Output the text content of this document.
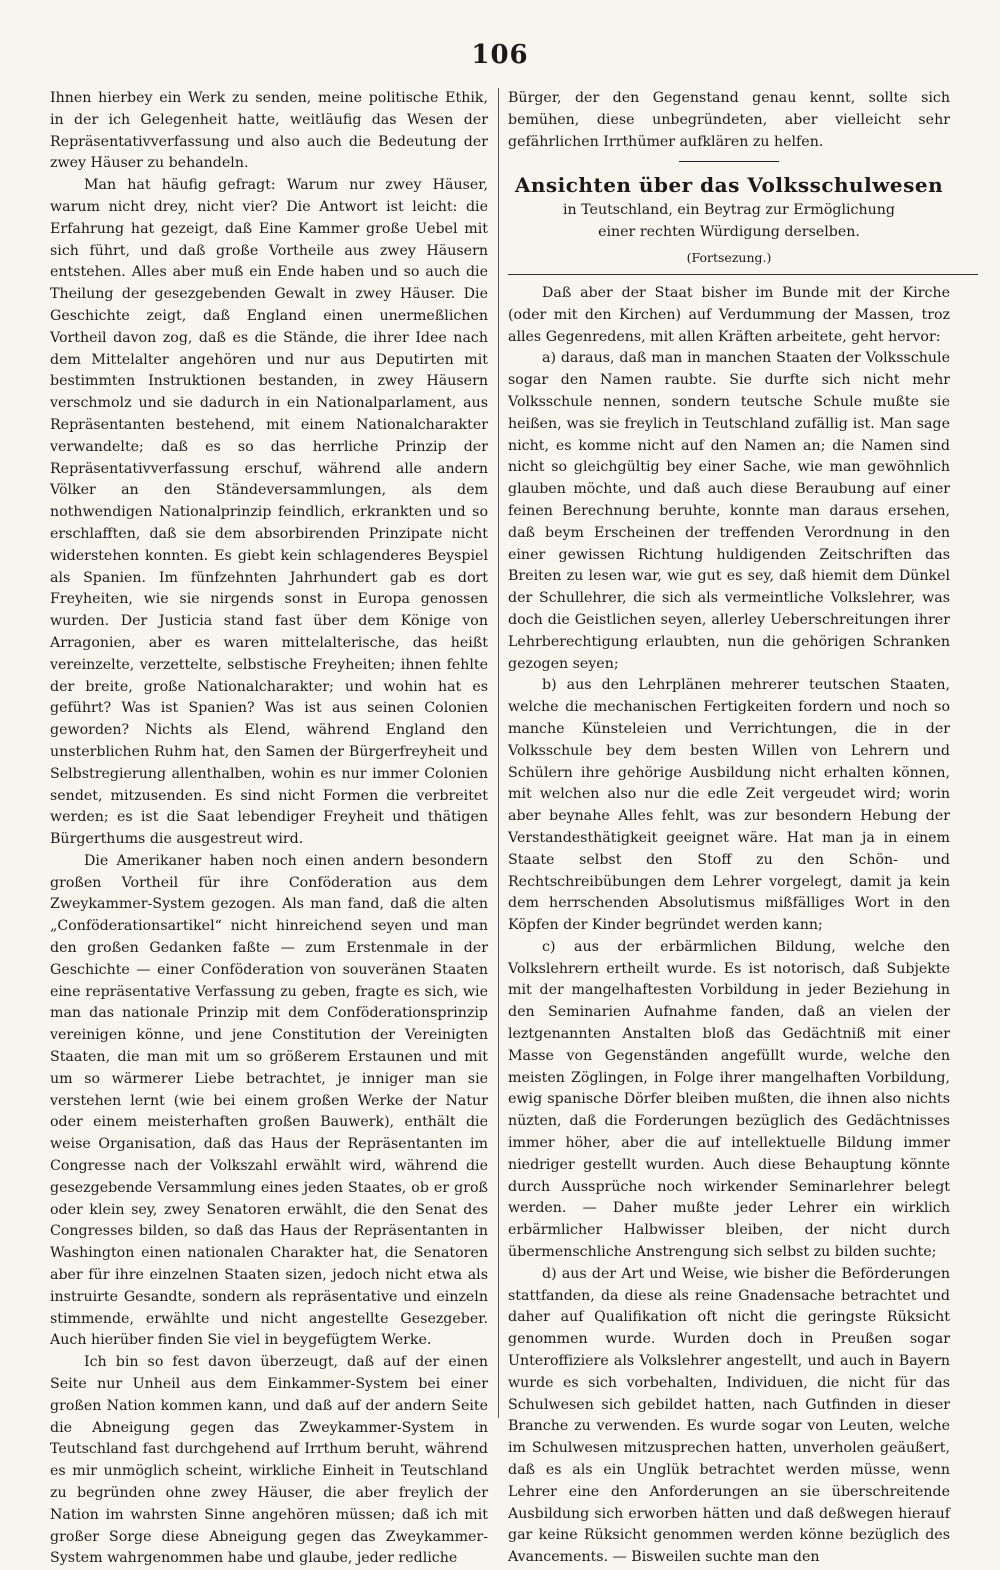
106

Ihnen hierbey ein Werk zu senden, meine politische Ethik, in der ich Gelegenheit hatte, weitläufig das Wesen der Repräsentativverfassung und also auch die Bedeutung der zwey Häuser zu behandeln.

Man hat häufig gefragt: Warum nur zwey Häuser, warum nicht drey, nicht vier? Die Antwort ist leicht: die Erfahrung hat gezeigt, daß Eine Kammer große Uebel mit sich führt, und daß große Vortheile aus zwey Häusern entstehen. Alles aber muß ein Ende haben und so auch die Theilung der gesezgebenden Gewalt in zwey Häuser. Die Geschichte zeigt, daß England einen unermeßlichen Vortheil davon zog, daß es die Stände, die ihrer Idee nach dem Mittelalter angehören und nur aus Deputirten mit bestimmten Instruktionen bestanden, in zwey Häusern verschmolz und sie dadurch in ein Nationalparlament, aus Repräsentanten bestehend, mit einem Nationalcharakter verwandelte; daß es so das herrliche Prinzip der Repräsentativverfassung erschuf, während alle andern Völker an den Ständeversammlungen, als dem nothwendigen Nationalprinzip feindlich, erkrankten und so erschlafften, daß sie dem absorbirenden Prinzipate nicht widerstehen konnten. Es giebt kein schlagenderes Beyspiel als Spanien. Im fünfzehnten Jahrhundert gab es dort Freyheiten, wie sie nirgends sonst in Europa genossen wurden. Der Justicia stand fast über dem Könige von Arragonien, aber es waren mittelalterische, das heißt vereinzelte, verzettelte, selbstische Freyheiten; ihnen fehlte der breite, große Nationalcharakter; und wohin hat es geführt? Was ist Spanien? Was ist aus seinen Colonien geworden? Nichts als Elend, während England den unsterblichen Ruhm hat, den Samen der Bürgerfreyheit und Selbstregierung allenthalben, wohin es nur immer Colonien sendet, mitzusenden. Es sind nicht Formen die verbreitet werden; es ist die Saat lebendiger Freyheit und thätigen Bürgerthums die ausgestreut wird.

Die Amerikaner haben noch einen andern besondern großen Vortheil für ihre Conföderation aus dem Zweykammer-System gezogen. Als man fand, daß die alten „Conföderationsartikel“ nicht hinreichend seyen und man den großen Gedanken faßte — zum Erstenmale in der Geschichte — einer Conföderation von souveränen Staaten eine repräsentative Verfassung zu geben, fragte es sich, wie man das nationale Prinzip mit dem Conföderationsprinzip vereinigen könne, und jene Constitution der Vereinigten Staaten, die man mit um so größerem Erstaunen und mit um so wärmerer Liebe betrachtet, je inniger man sie verstehen lernt (wie bei einem großen Werke der Natur oder einem meisterhaften großen Bauwerk), enthält die weise Organisation, daß das Haus der Repräsentanten im Congresse nach der Volkszahl erwählt wird, während die gesezgebende Versammlung eines jeden Staates, ob er groß oder klein sey, zwey Senatoren erwählt, die den Senat des Congresses bilden, so daß das Haus der Repräsentanten in Washington einen nationalen Charakter hat, die Senatoren aber für ihre einzelnen Staaten sizen, jedoch nicht etwa als instruirte Gesandte, sondern als repräsentative und einzeln stimmende, erwählte und nicht angestellte Gesezgeber. Auch hierüber finden Sie viel in beygefügtem Werke.

Ich bin so fest davon überzeugt, daß auf der einen Seite nur Unheil aus dem Einkammer-System bei einer großen Nation kommen kann, und daß auf der andern Seite die Abneigung gegen das Zweykammer-System in Teutschland fast durchgehend auf Irrthum beruht, während es mir unmöglich scheint, wirkliche Einheit in Teutschland zu begründen ohne zwey Häuser, die aber freylich der Nation im wahrsten Sinne angehören müssen; daß ich mit großer Sorge diese Abneigung gegen das Zweykammer-System wahrgenommen habe und glaube, jeder redliche

Bürger, der den Gegenstand genau kennt, sollte sich bemühen, diese unbegründeten, aber vielleicht sehr gefährlichen Irrthümer aufklären zu helfen.

Ansichten über das Volksschulwesen
in Teutschland, ein Beytrag zur Ermöglichung einer rechten Würdigung derselben.
(Fortsezung.)

Daß aber der Staat bisher im Bunde mit der Kirche (oder mit den Kirchen) auf Verdummung der Massen, troz alles Gegenredens, mit allen Kräften arbeitete, geht hervor:

a) daraus, daß man in manchen Staaten der Volksschule sogar den Namen raubte. Sie durfte sich nicht mehr Volksschule nennen, sondern teutsche Schule mußte sie heißen, was sie freylich in Teutschland zufällig ist. Man sage nicht, es komme nicht auf den Namen an; die Namen sind nicht so gleichgültig bey einer Sache, wie man gewöhnlich glauben möchte, und daß auch diese Beraubung auf einer feinen Berechnung beruhte, konnte man daraus ersehen, daß beym Erscheinen der treffenden Verordnung in den einer gewissen Richtung huldigenden Zeitschriften das Breiten zu lesen war, wie gut es sey, daß hiemit dem Dünkel der Schullehrer, die sich als vermeintliche Volkslehrer, was doch die Geistlichen seyen, allerley Ueberschreitungen ihrer Lehrberechtigung erlaubten, nun die gehörigen Schranken gezogen seyen;

b) aus den Lehrplänen mehrerer teutschen Staaten, welche die mechanischen Fertigkeiten fordern und noch so manche Künsteleien und Verrichtungen, die in der Volksschule bey dem besten Willen von Lehrern und Schülern ihre gehörige Ausbildung nicht erhalten können, mit welchen also nur die edle Zeit vergeudet wird; worin aber beynahe Alles fehlt, was zur besondern Hebung der Verstandesthätigkeit geeignet wäre. Hat man ja in einem Staate selbst den Stoff zu den Schön- und Rechtschreibübungen dem Lehrer vorgelegt, damit ja kein dem herrschenden Absolutismus mißfälliges Wort in den Köpfen der Kinder begründet werden kann;

c) aus der erbärmlichen Bildung, welche den Volkslehrern ertheilt wurde. Es ist notorisch, daß Subjekte mit der mangelhaftesten Vorbildung in jeder Beziehung in den Seminarien Aufnahme fanden, daß an vielen der leztgenannten Anstalten bloß das Gedächtniß mit einer Masse von Gegenständen angefüllt wurde, welche den meisten Zöglingen, in Folge ihrer mangelhaften Vorbildung, ewig spanische Dörfer bleiben mußten, die ihnen also nichts nüzten, daß die Forderungen bezüglich des Gedächtnisses immer höher, aber die auf intellektuelle Bildung immer niedriger gestellt wurden. Auch diese Behauptung könnte durch Aussprüche noch wirkender Seminarlehrer belegt werden. — Daher mußte jeder Lehrer ein wirklich erbärmlicher Halbwisser bleiben, der nicht durch übermenschliche Anstrengung sich selbst zu bilden suchte;

d) aus der Art und Weise, wie bisher die Beförderungen stattfanden, da diese als reine Gnadensache betrachtet und daher auf Qualifikation oft nicht die geringste Rüksicht genommen wurde. Wurden doch in Preußen sogar Unteroffiziere als Volkslehrer angestellt, und auch in Bayern wurde es sich vorbehalten, Individuen, die nicht für das Schulwesen sich gebildet hatten, nach Gutfinden in dieser Branche zu verwenden. Es wurde sogar von Leuten, welche im Schulwesen mitzusprechen hatten, unverholen geäußert, daß es als ein Unglük betrachtet werden müsse, wenn Lehrer eine den Anforderungen an sie überschreitende Ausbildung sich erworben hätten und daß deßwegen hierauf gar keine Rüksicht genommen werden könne bezüglich des Avancements. — Bisweilen suchte man den
